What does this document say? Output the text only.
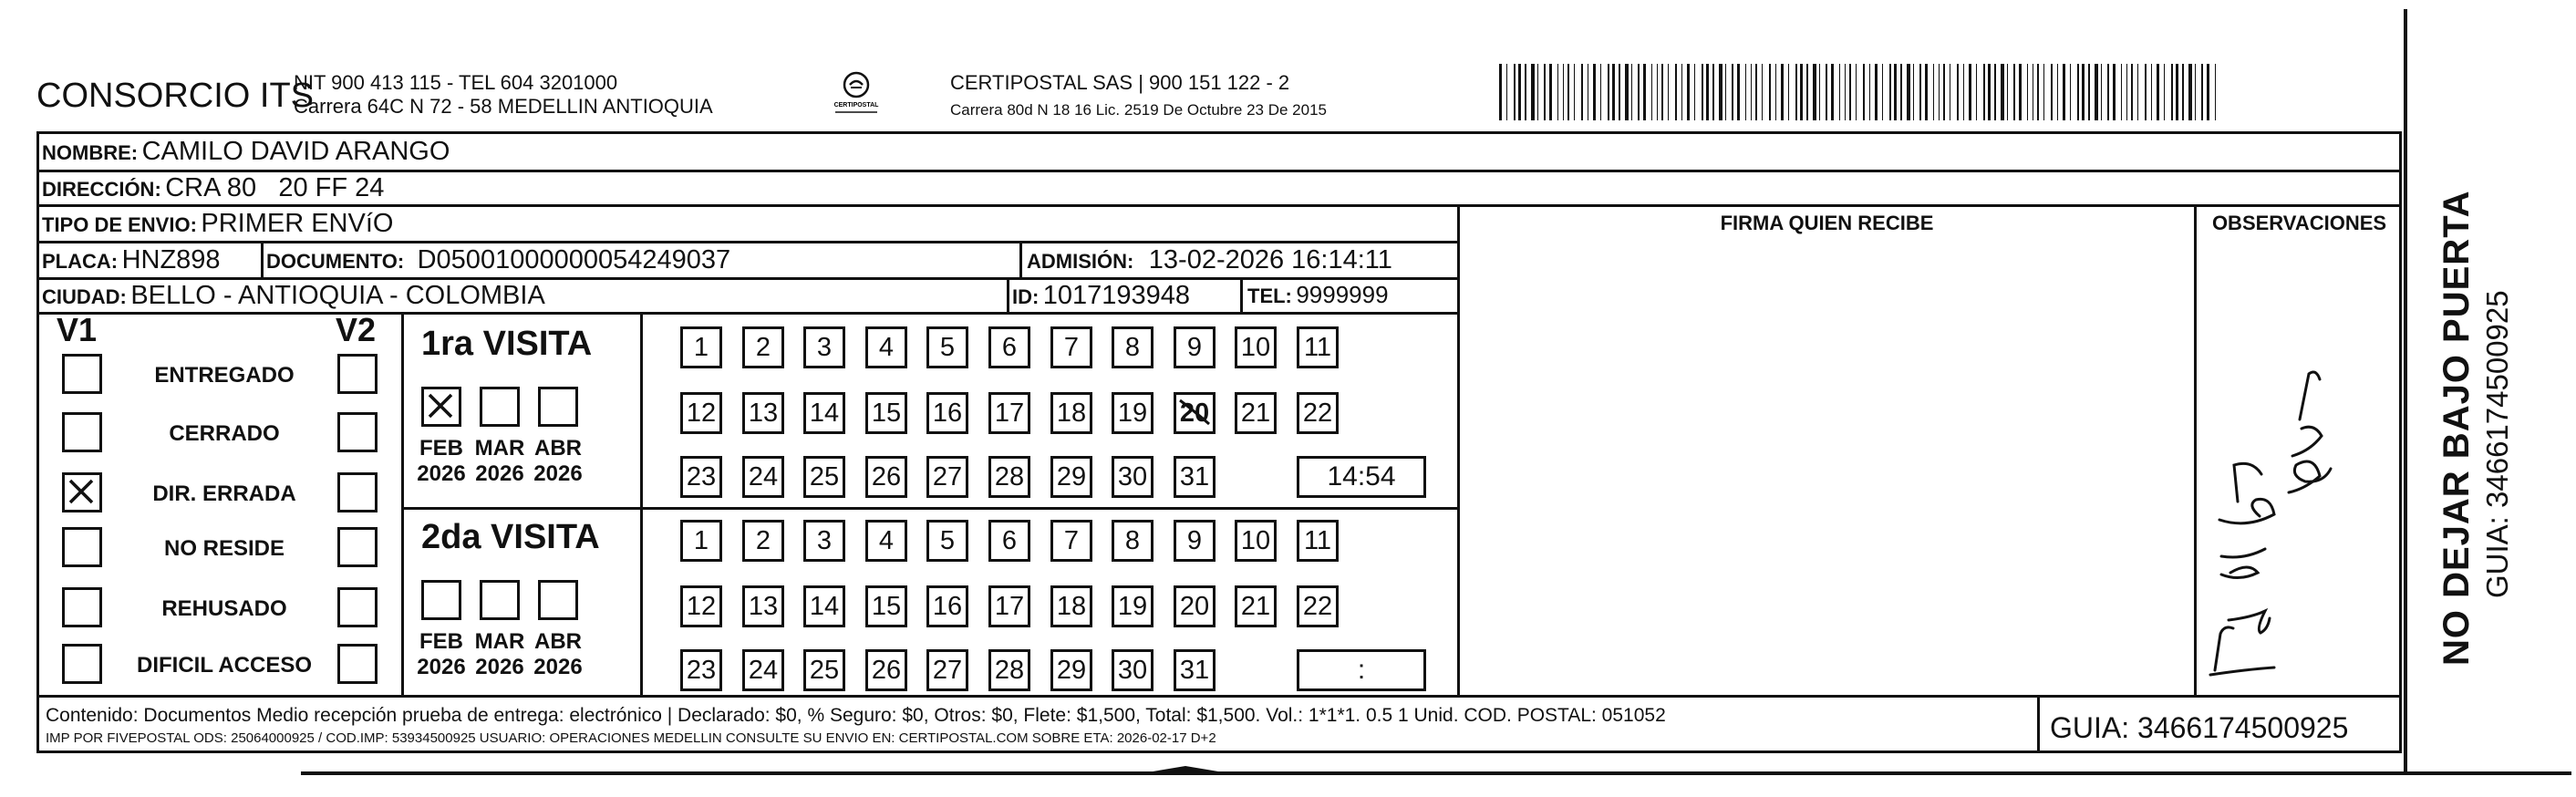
CONSORCIO ITS
NIT 900 413 115 - TEL 604 3201000
Carrera 64C N 72 - 58 MEDELLIN ANTIOQUIA	CERTIPOSTAL
CERTIPOSTAL SAS | 900 151 122 - 2
Carrera 80d N 18 16 Lic. 2519 De Octubre 23 De 2015
NOMBRE: CAMILO DAVID ARANGO
DIRECCIÓN: CRA 80   20 FF 24
TIPO DE ENVIO: PRIMER ENVíO
PLACA: HNZ898 DOCUMENTO: D0500100000005424903​7	ADMISIÓN: 13-02-2026 16:14:11
CIUDAD: BELLO - ANTIOQUIA - COLOMBIA	ID: 1017193948	TEL: 9999999
FIRMA QUIEN RECIBE	OBSERVACIONES
V1	V2
ENTREGADO
CERRADO
DIR. ERRADA
NO RESIDE
REHUSADO
DIFICIL ACCESO
1ra VISITA
FEB
2026
MAR
2026
ABR
2026
1 2 3 4 5 6 7 8 9 10 11
12 13 14 15 16 17 18 19 20 21 22
23 24 25 26 27 28 29 30 31	14:54
2da VISITA
FEB
2026
MAR
2026
ABR
2026
1 2 3 4 5 6 7 8 9 10 11
12 13 14 15 16 17 18 19 20 21 22
23 24 25 26 27 28 29 30 31	:
Contenido: Documentos Medio recepción prueba de entrega: electrónico | Declarado: $0, % Seguro: $0, Otros: $0, Flete: $1,500, Total: $1,500. Vol.: 1*1*1. 0.5 1 Unid. COD. POSTAL: 051052
IMP POR FIVEPOSTAL ODS: 25064000925 / COD.IMP: 53934500925 USUARIO: OPERACIONES MEDELLIN CONSULTE SU ENVIO EN: CERTIPOSTAL.COM SOBRE ETA: 2026-02-17 D+2	GUIA: 3466174500925
NO DEJAR BAJO PUERTA GUIA: 3466174500925
